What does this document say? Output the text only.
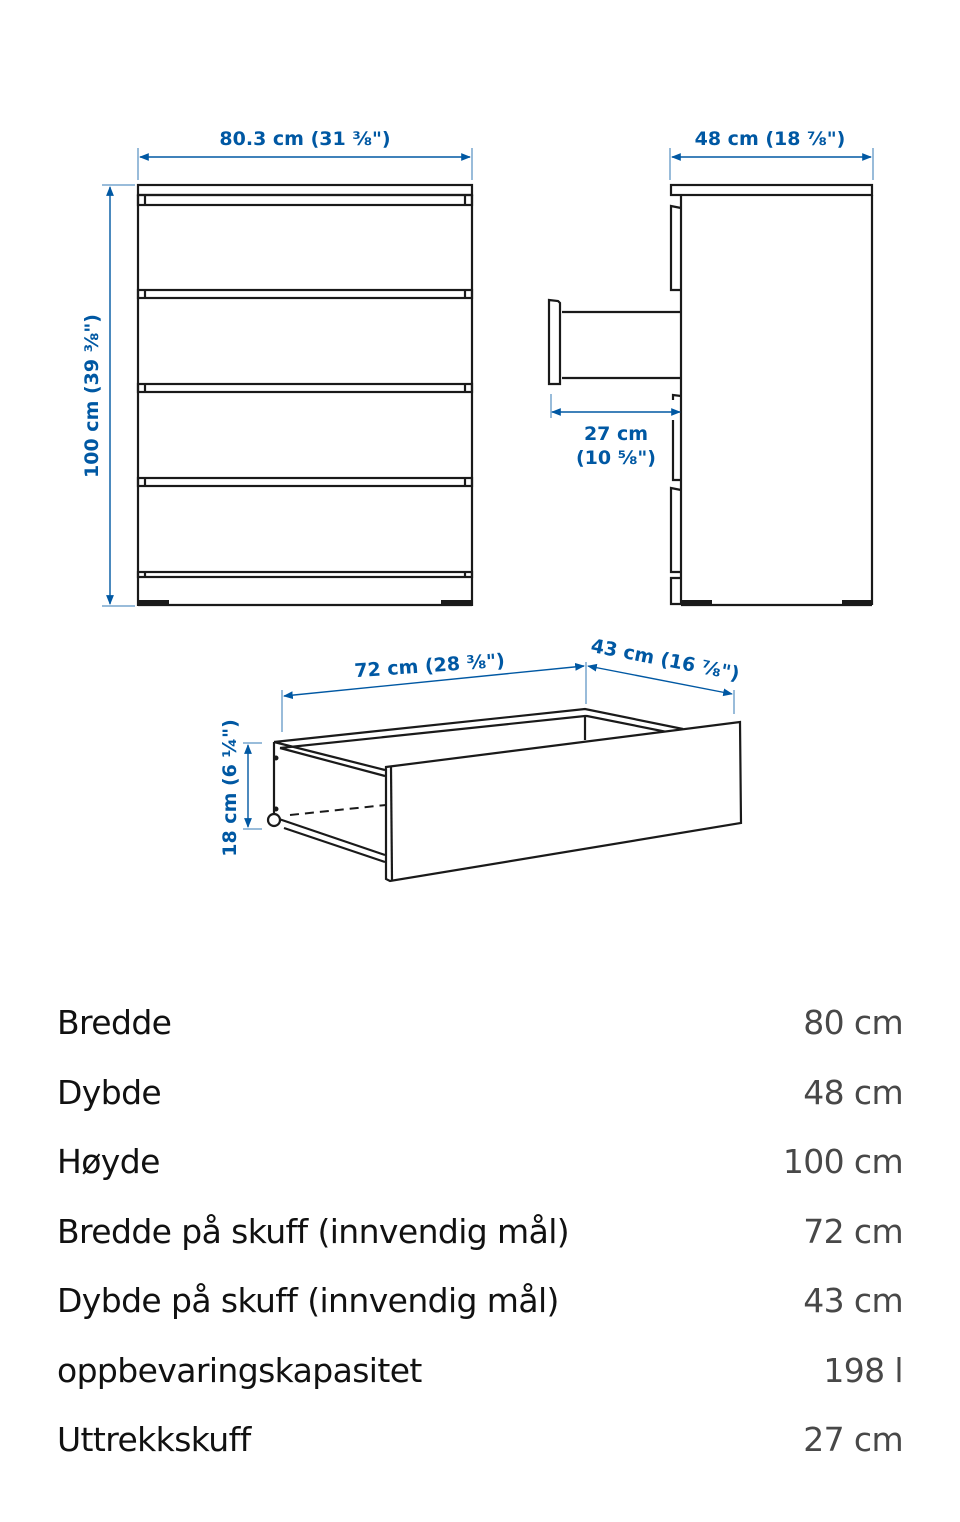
80.3 cm (31 ⅜")
100 cm (39 ⅜")
48 cm (18 ⅞")
27 cm
(10 ⅝")
72 cm (28 ⅜")	43 cm (16 ⅞")
18 cm (6 ¼")
Bredde	80 cm
Dybde	48 cm
Høyde	100 cm
Bredde på skuff (innvendig mål)	72 cm
Dybde på skuff (innvendig mål)	43 cm
oppbevaringskapasitet	198 l
Uttrekkskuff	27 cm
